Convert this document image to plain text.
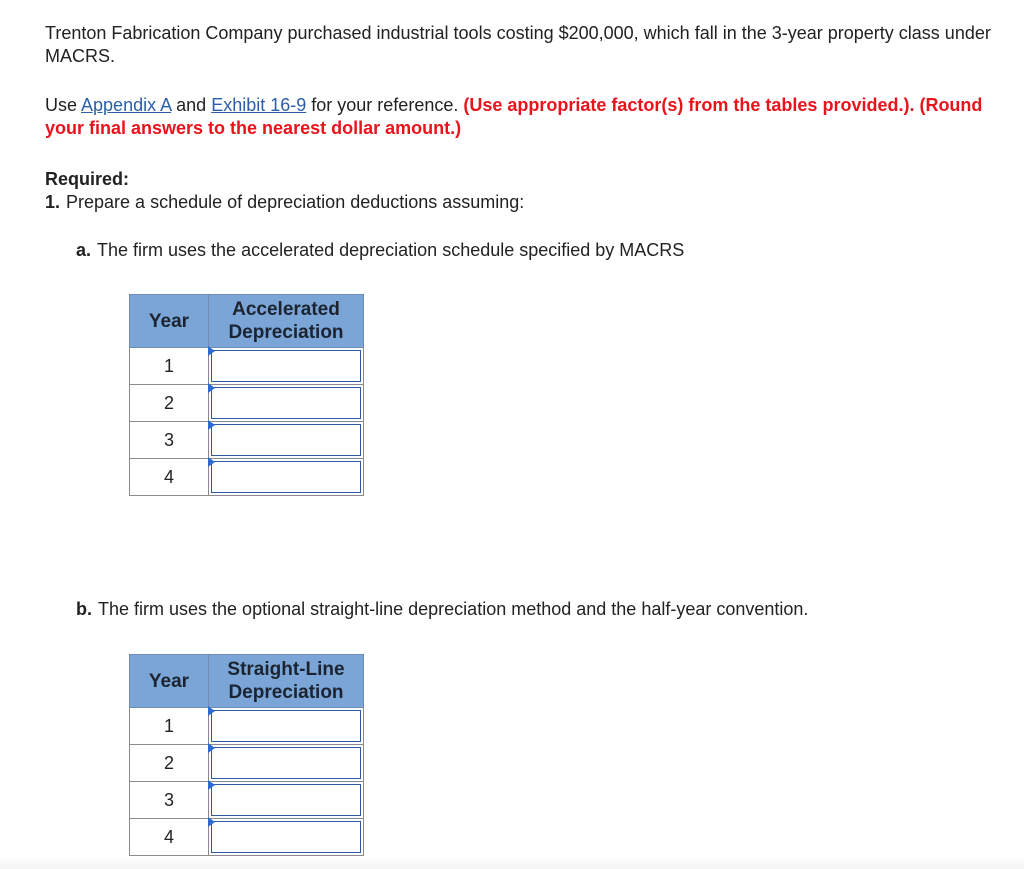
Trenton Fabrication Company purchased industrial tools costing $200,000, which fall in the 3-year property class under MACRS.

Use Appendix A and Exhibit 16-9 for your reference. (Use appropriate factor(s) from the tables provided.). (Round your final answers to the nearest dollar amount.)

Required:

1. Prepare a schedule of depreciation deductions assuming:

a. The firm uses the accelerated depreciation schedule specified by MACRS

Year	Accelerated Depreciation
1	

2	

3	

4	

b. The firm uses the optional straight-line depreciation method and the half-year convention.

Year	Straight-Line Depreciation
1	

2	

3	

4	
